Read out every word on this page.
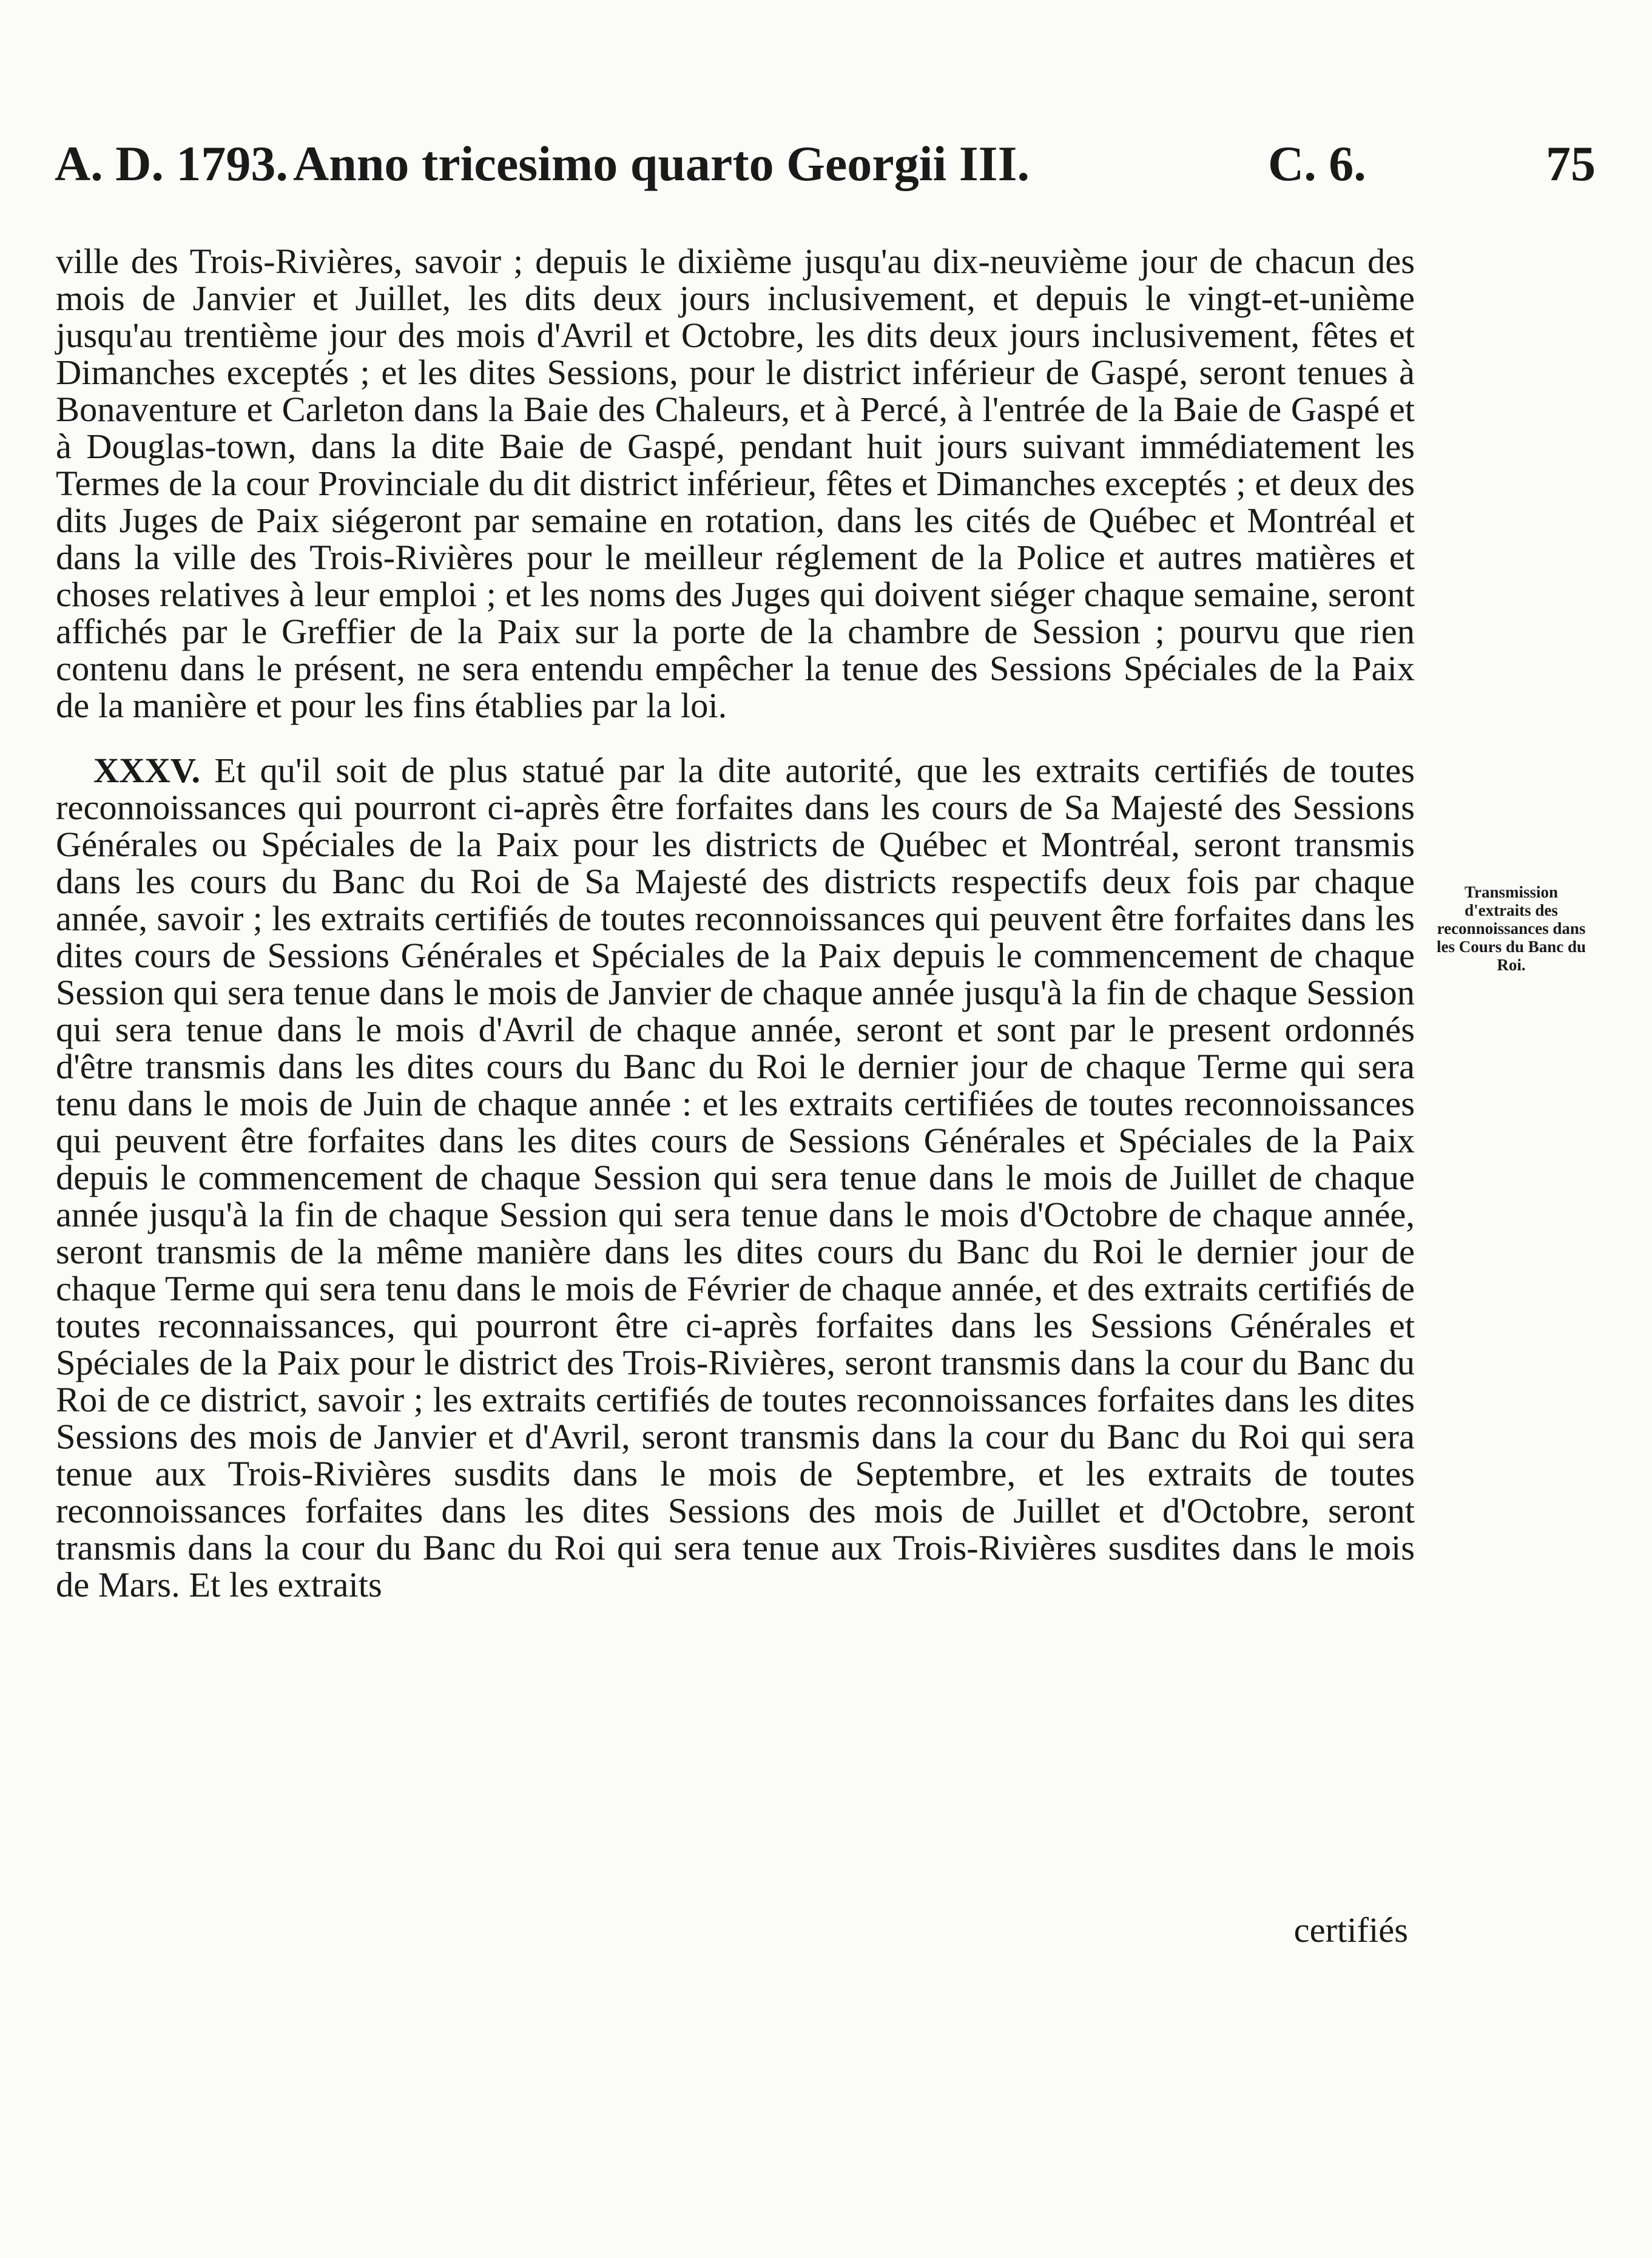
A. D. 1793. Anno tricesimo quarto Georgii III.	C. 6.	75

ville des Trois-Rivières, savoir ; depuis le dixième jusqu'au dix-neuvième jour de chacun des mois de Janvier et Juillet, les dits deux jours inclusivement, et depuis le vingt-et-unième jusqu'au trentième jour des mois d'Avril et Octobre, les dits deux jours inclusivement, fêtes et Dimanches exceptés ; et les dites Sessions, pour le district inférieur de Gaspé, seront tenues à Bonaventure et Carleton dans la Baie des Chaleurs, et à Percé, à l'entrée de la Baie de Gaspé et à Douglas-town, dans la dite Baie de Gaspé, pendant huit jours suivant immédiatement les Termes de la cour Provinciale du dit district inférieur, fêtes et Dimanches exceptés ; et deux des dits Juges de Paix siégeront par semaine en rotation, dans les cités de Québec et Montréal et dans la ville des Trois-Rivières pour le meilleur réglement de la Police et autres matières et choses relatives à leur emploi ; et les noms des Juges qui doivent siéger chaque semaine, seront affichés par le Greffier de la Paix sur la porte de la chambre de Session ; pourvu que rien contenu dans le présent, ne sera entendu empêcher la tenue des Sessions Spéciales de la Paix de la manière et pour les fins établies par la loi.

XXXV. Et qu'il soit de plus statué par la dite autorité, que les extraits certifiés de toutes reconnoissances qui pourront ci-après être forfaites dans les cours de Sa Majesté des Sessions Générales ou Spéciales de la Paix pour les districts de Québec et Montréal, seront transmis dans les cours du Banc du Roi de Sa Majesté des districts respectifs deux fois par chaque année, savoir ; les extraits certifiés de toutes reconnoissances qui peuvent être forfaites dans les dites cours de Sessions Générales et Spéciales de la Paix depuis le commencement de chaque Session qui sera tenue dans le mois de Janvier de chaque année jusqu'à la fin de chaque Session qui sera tenue dans le mois d'Avril de chaque année, seront et sont par le present ordonnés d'être transmis dans les dites cours du Banc du Roi le dernier jour de chaque Terme qui sera tenu dans le mois de Juin de chaque année : et les extraits certifiées de toutes reconnoissances qui peuvent être forfaites dans les dites cours de Sessions Générales et Spéciales de la Paix depuis le commencement de chaque Session qui sera tenue dans le mois de Juillet de chaque année jusqu'à la fin de chaque Session qui sera tenue dans le mois d'Octobre de chaque année, seront transmis de la même manière dans les dites cours du Banc du Roi le dernier jour de chaque Terme qui sera tenu dans le mois de Février de chaque année, et des extraits certifiés de toutes reconnaissances, qui pourront être ci-après forfaites dans les Sessions Générales et Spéciales de la Paix pour le district des Trois-Rivières, seront transmis dans la cour du Banc du Roi de ce district, savoir ; les extraits certifiés de toutes reconnoissances forfaites dans les dites Sessions des mois de Janvier et d'Avril, seront transmis dans la cour du Banc du Roi qui sera tenue aux Trois-Rivières susdits dans le mois de Septembre, et les extraits de toutes reconnoissances forfaites dans les dites Sessions des mois de Juillet et d'Octobre, seront transmis dans la cour du Banc du Roi qui sera tenue aux Trois-Rivières susdites dans le mois de Mars. Et les extraits

Transmission d'extraits des reconnoissances dans les Cours du Banc du Roi.
certifiés
